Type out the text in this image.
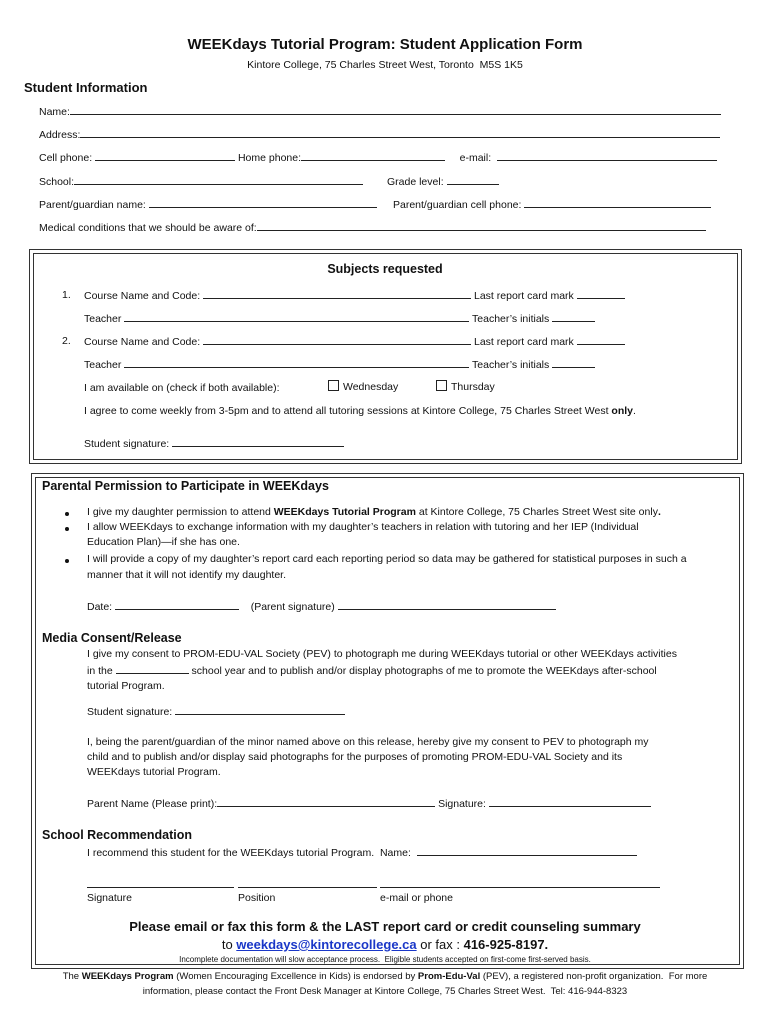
WEEKdays Tutorial Program: Student Application Form
Kintore College, 75 Charles Street West, Toronto  M5S 1K5
Student Information
Name:
Address:
Cell phone:	Home phone:	e-mail:
School:	Grade level:
Parent/guardian name:	Parent/guardian cell phone:
Medical conditions that we should be aware of:
Subjects requested
1. Course Name and Code:	Last report card mark
Teacher	Teacher’s initials
2. Course Name and Code:	Last report card mark
Teacher	Teacher’s initials
I am available on (check if both available):	Wednesday	Thursday
I agree to come weekly from 3-5pm and to attend all tutoring sessions at Kintore College, 75 Charles Street West only.
Student signature:
Parental Permission to Participate in WEEKdays
I give my daughter permission to attend WEEKdays Tutorial Program at Kintore College, 75 Charles Street West site only.
I allow WEEKdays to exchange information with my daughter’s teachers in relation with tutoring and her IEP (Individual
Education Plan)—if she has one.
I will provide a copy of my daughter’s report card each reporting period so data may be gathered for statistical purposes in such a
manner that it will not identify my daughter.
Date:	(Parent signature)
Media Consent/Release
I give my consent to PROM-EDU-VAL Society (PEV) to photograph me during WEEKdays tutorial or other WEEKdays activities
in the	school year and to publish and/or display photographs of me to promote the WEEKdays after-school
tutorial Program.
Student signature:
I, being the parent/guardian of the minor named above on this release, hereby give my consent to PEV to photograph my
child and to publish and/or display said photographs for the purposes of promoting PROM-EDU-VAL Society and its
WEEKdays tutorial Program.
Parent Name (Please print):	Signature:
School Recommendation
I recommend this student for the WEEKdays tutorial Program.  Name:
Signature	Position	e-mail or phone
Please email or fax this form & the LAST report card or credit counseling summary
to weekdays@kintorecollege.ca or fax : 416-925-8197.
Incomplete documentation will slow acceptance process.  Eligible students accepted on first-come first-served basis.
The WEEKdays Program (Women Encouraging Excellence in Kids) is endorsed by Prom-Edu-Val (PEV), a registered non-profit organization.  For more
information, please contact the Front Desk Manager at Kintore College, 75 Charles Street West.  Tel: 416-944-8323
